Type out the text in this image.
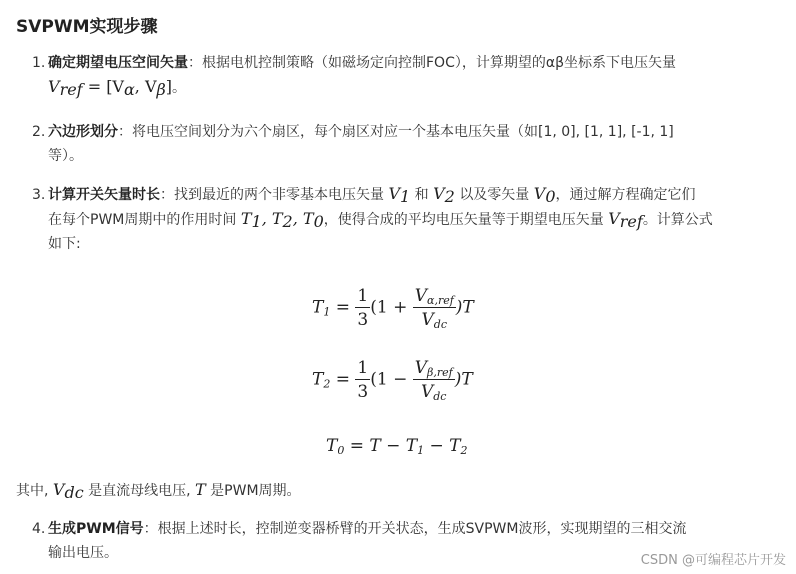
SVPWM实现步骤
1. 确定期望电压空间矢量：根据电机控制策略（如磁场定向控制FOC），计算期望的αβ坐标系下电压矢量
$V_{ref} = [V_\alpha$, $V_\beta$]。
2. 六边形划分：将电压空间划分为六个扇区，每个扇区对应一个基本电压矢量（如[1, 0], [1, 1], [-1, 1]
等）。
3. 计算开关矢量时长：找到最近的两个非零基本电压矢量 $V_1$ 和 $V_2$ 以及零矢量 $V_0$，通过解方程确定它们
在每个PWM周期中的作用时间 $T_1$, $T_2$, $T_0$，使得合成的平均电压矢量等于期望电压矢量 $V_{ref}$。计算公式
如下:
$T_1 = \frac{1}{3} (1 + \frac{V_{\alpha,ref}}{V_{dc}} )T$
$T_2 = \frac{1}{3} (1 - \frac{V_{\beta,ref}}{V_{dc}} )T$
$T_0 = T - T_1 - T_2$
其中, $V_{dc}$ 是直流母线电压, T 是PWM周期。
4. 生成PWM信号：根据上述时长，控制逆变器桥臂的开关状态，生成SVPWM波形，实现期望的三相交流
输出电压。	CSDN @可编程芯片开发
